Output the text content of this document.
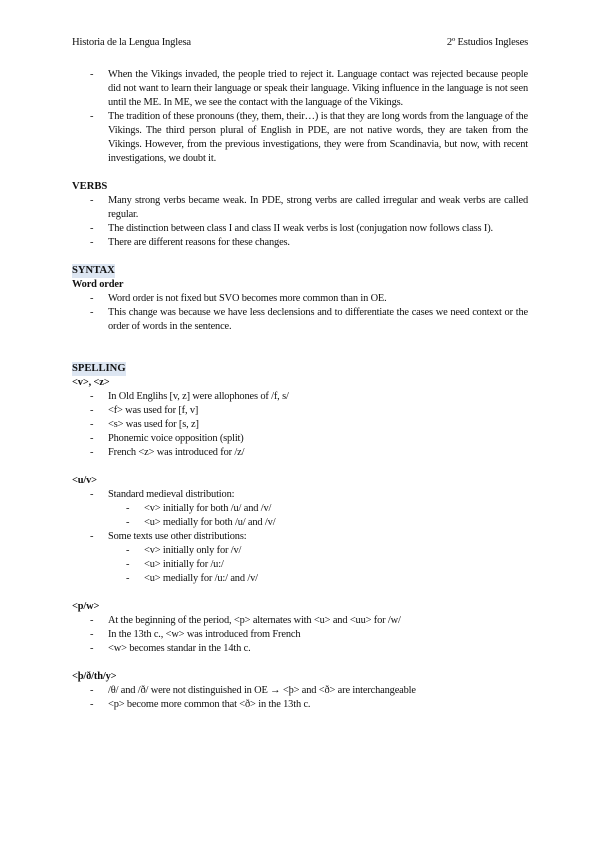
Historia de la Lengua Inglesa	2º Estudios Ingleses
- When the Vikings invaded, the people tried to reject it. Language contact was rejected because people did not want to learn their language or speak their language. Viking influence in the language is not seen until the ME. In ME, we see the contact with the language of the Vikings.
- The tradition of these pronouns (they, them, their…) is that they are long words from the language of the Vikings. The third person plural of English in PDE, are not native words, they are taken from the Vikings. However, from the previous investigations, they were from Scandinavia, but now, with recent investigations, we doubt it.
VERBS
- Many strong verbs became weak. In PDE, strong verbs are called irregular and weak verbs are called regular.
- The distinction between class I and class II weak verbs is lost (conjugation now follows class I).
- There are different reasons for these changes.
SYNTAX
Word order
- Word order is not fixed but SVO becomes more common than in OE.
- This change was because we have less declensions and to differentiate the cases we need context or the order of words in the sentence.
SPELLING
<v>, <z>
- In Old Englihs [v, z] were allophones of /f, s/
- <f> was used for [f, v]
- <s> was used for [s, z]
- Phonemic voice opposition (split)
- French <z> was introduced for /z/
<u/v>
- Standard medieval distribution:
- <v> initially for both /u/ and /v/
- <u> medially for both /u/ and /v/
- Some texts use other distributions:
- <v> initially only for /v/
- <u> initially for /u:/
- <u> medially for /u:/ and /v/
<p/w>
- At the beginning of the period, <p> alternates with <u> and <uu> for /w/
- In the 13th c., <w> was introduced from French
- <w> becomes standar in the 14th c.
<þ/ð/th/y>
- /θ/ and /ð/ were not distinguished in OE → <þ> and <ð> are interchangeable
- <p> become more common that <ð> in the 13th c.
